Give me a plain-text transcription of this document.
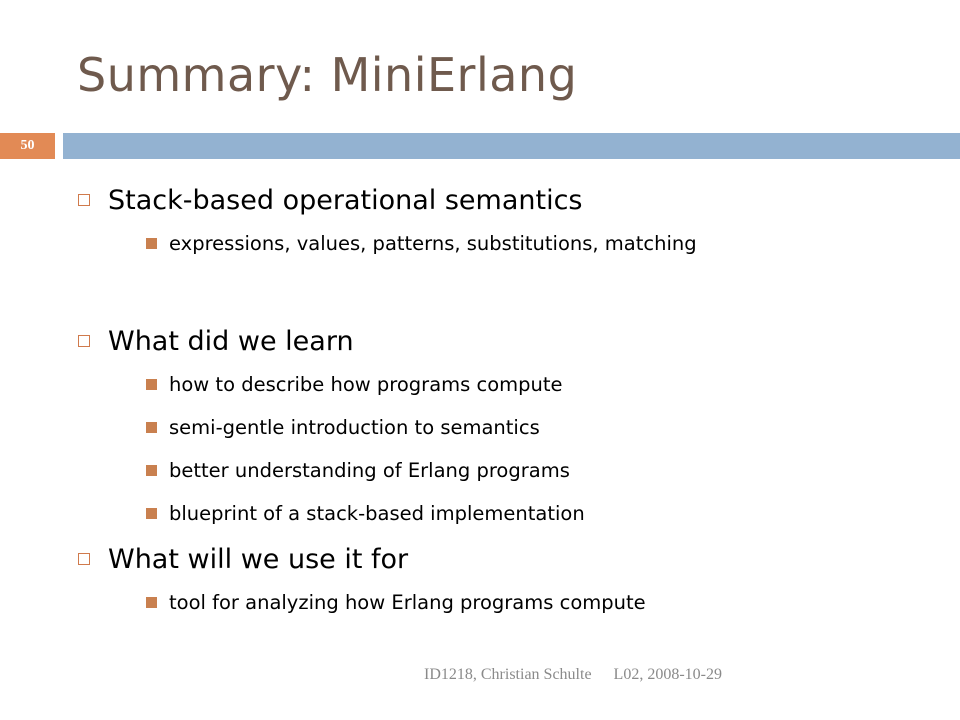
Summary: MiniErlang
50
Stack-based operational semantics
expressions, values, patterns, substitutions, matching
What did we learn
how to describe how programs compute
semi-gentle introduction to semantics
better understanding of Erlang programs
blueprint of a stack-based implementation
What will we use it for
tool for analyzing how Erlang programs compute
ID1218, Christian Schulte L02, 2008-10-29
